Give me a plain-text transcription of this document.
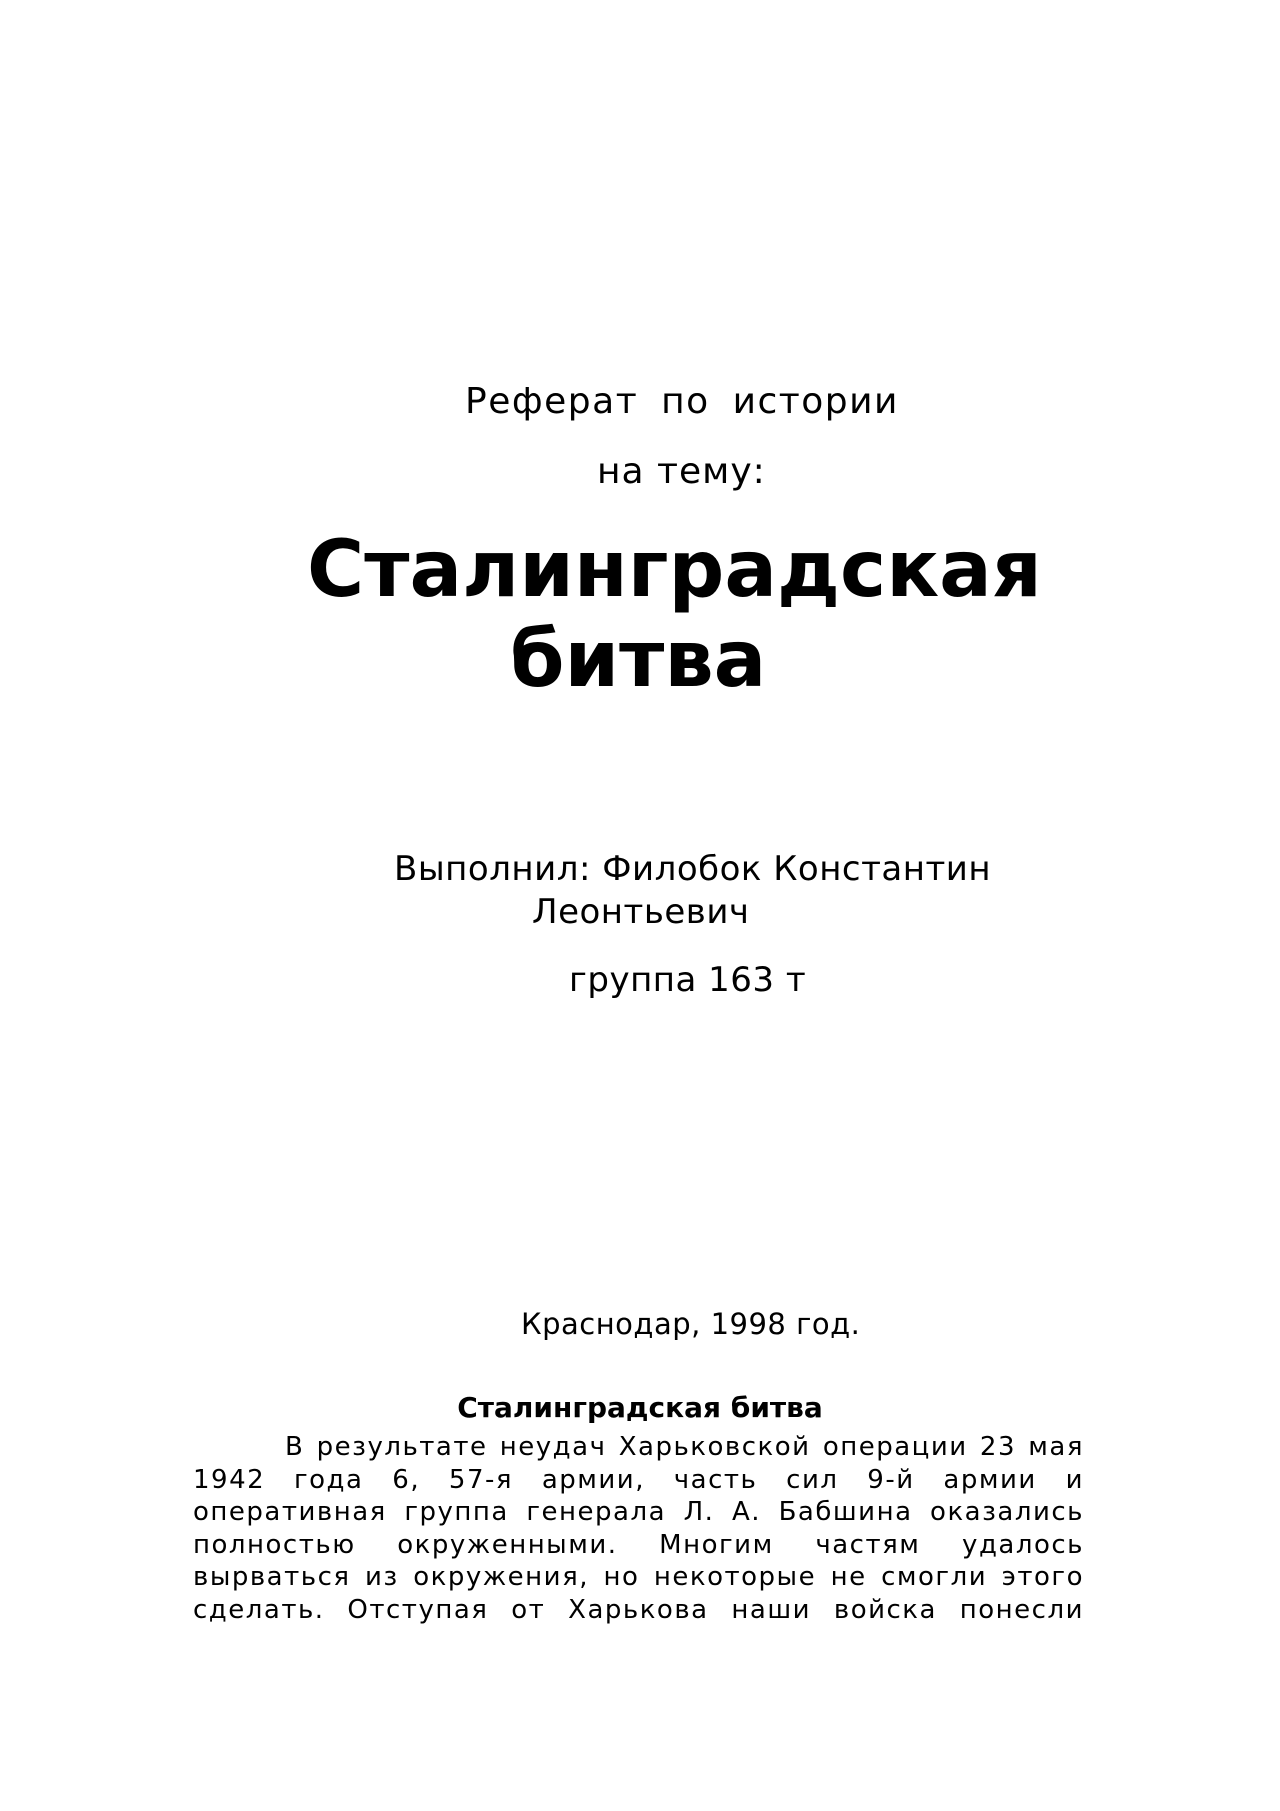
Реферат по истории
на тему:
Сталинградская
битва
Выполнил: Филобок Константин
Леонтьевич
группа 163 т
Краснодар, 1998 год.
Сталинградская битва
В результате неудач Харьковской операции 23 мая
1942 года 6, 57-я армии, часть сил 9-й армии и
оперативная группа генерала Л. А. Бабшина оказались
полностью окруженными. Многим частям удалось
вырваться из окружения, но некоторые не смогли этого
сделать. Отступая от Харькова наши войска понесли
